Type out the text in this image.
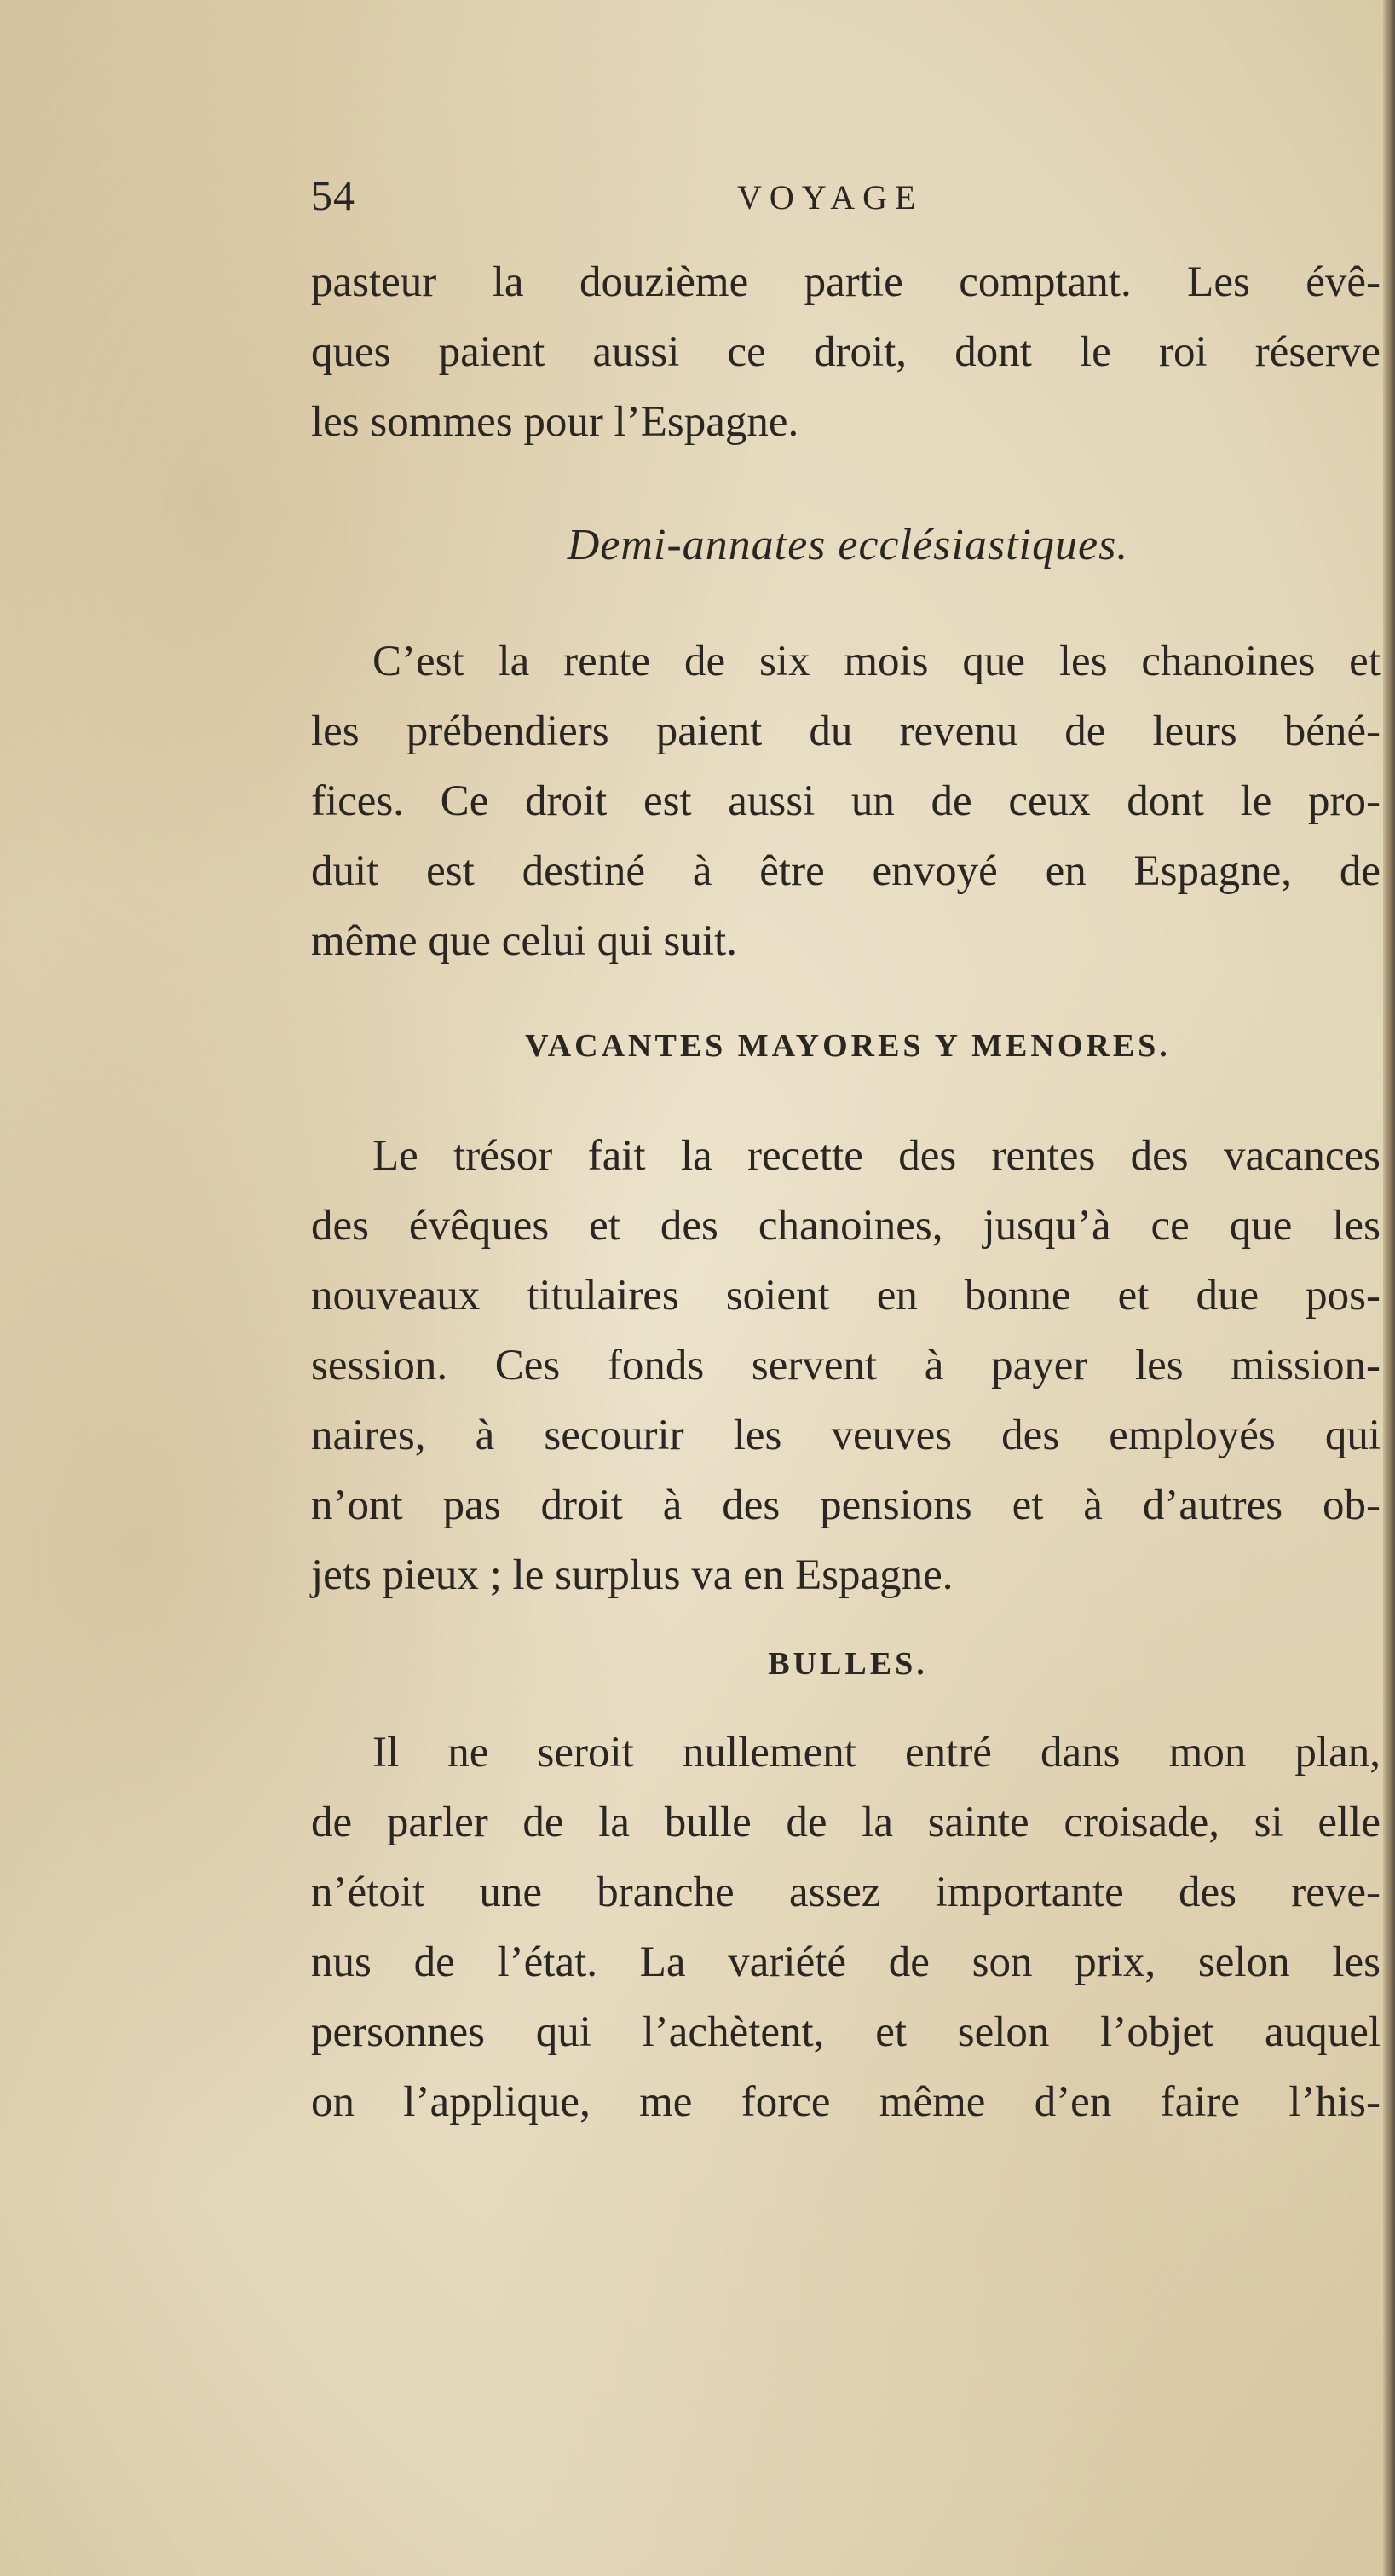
54	VOYAGE
pasteur la douzième partie comptant. Les évê-
ques paient aussi ce droit, dont le roi réserve
les sommes pour l’Espagne.
Demi-annates ecclésiastiques.
C’est la rente de six mois que les chanoines et
les prébendiers paient du revenu de leurs béné-
fices. Ce droit est aussi un de ceux dont le pro-
duit est destiné à être envoyé en Espagne, de
même que celui qui suit.
VACANTES MAYORES Y MENORES.
Le trésor fait la recette des rentes des vacances
des évêques et des chanoines, jusqu’à ce que les
nouveaux titulaires soient en bonne et due pos-
session. Ces fonds servent à payer les mission-
naires, à secourir les veuves des employés qui
n’ont pas droit à des pensions et à d’autres ob-
jets pieux ; le surplus va en Espagne.
BULLES.
Il ne seroit nullement entré dans mon plan,
de parler de la bulle de la sainte croisade, si elle
n’étoit une branche assez importante des reve-
nus de l’état. La variété de son prix, selon les
personnes qui l’achètent, et selon l’objet auquel
on l’applique, me force même d’en faire l’his-
